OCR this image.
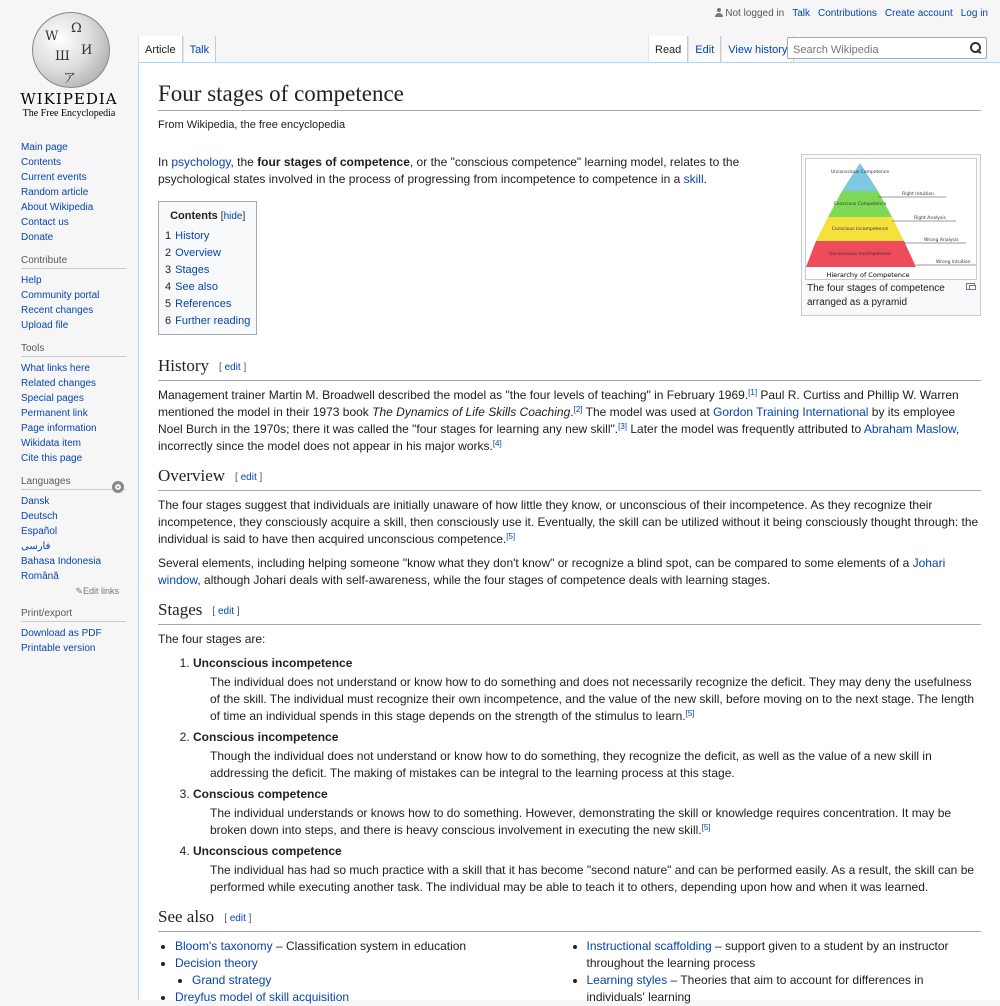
W
Ω
Ш И
ア
WIKIPEDIA
The Free Encyclopedia
Not logged in Talk Contributions Create account Log in
Article	Talk	Read	Edit	View history
Search Wikipedia
Main page
Contents
Current events
Random article
About Wikipedia
Contact us
Donate
Contribute
Help
Community portal
Recent changes
Upload file
Tools
What links here
Related changes
Special pages
Permanent link
Page information
Wikidata item
Cite this page
Languages
Dansk
Deutsch
Español
فارسی
Bahasa Indonesia
Română
✎Edit links
Print/export
Download as PDF
Printable version
Four stages of competence
From Wikipedia, the free encyclopedia
Unconscious Competence
Conscious Competence
Conscious Incompetence
Unconscious Incompetence
Right Intuition
Right Analysis
Wrong Analysis
Wrong Intuition
Hierarchy of Competence
The four stages of competence arranged as a pyramid

In psychology, the four stages of competence, or the "conscious competence" learning model, relates to the psychological states involved in the process of progressing from incompetence to competence in a skill.

Contents [hide]
1 History
2 Overview
3 Stages
4 See also
5 References
6 Further reading
History [ edit ]

Management trainer Martin M. Broadwell described the model as "the four levels of teaching" in February 1969.[1] Paul R. Curtiss and Phillip W. Warren mentioned the model in their 1973 book The Dynamics of Life Skills Coaching.[2] The model was used at Gordon Training International by its employee Noel Burch in the 1970s; there it was called the "four stages for learning any new skill".[3] Later the model was frequently attributed to Abraham Maslow, incorrectly since the model does not appear in his major works.[4]

Overview [ edit ]

The four stages suggest that individuals are initially unaware of how little they know, or unconscious of their incompetence. As they recognize their incompetence, they consciously acquire a skill, then consciously use it. Eventually, the skill can be utilized without it being consciously thought through: the individual is said to have then acquired unconscious competence.[5]

Several elements, including helping someone "know what they don't know" or recognize a blind spot, can be compared to some elements of a Johari window, although Johari deals with self-awareness, while the four stages of competence deals with learning stages.

Stages [ edit ]

The four stages are:

1. Unconscious incompetence
The individual does not understand or know how to do something and does not necessarily recognize the deficit. They may deny the usefulness of the skill. The individual must recognize their own incompetence, and the value of the new skill, before moving on to the next stage. The length of time an individual spends in this stage depends on the strength of the stimulus to learn.[5]
2. Conscious incompetence
Though the individual does not understand or know how to do something, they recognize the deficit, as well as the value of a new skill in addressing the deficit. The making of mistakes can be integral to the learning process at this stage.
3. Conscious competence
The individual understands or knows how to do something. However, demonstrating the skill or knowledge requires concentration. It may be broken down into steps, and there is heavy conscious involvement in executing the new skill.[5]
4. Unconscious competence
The individual has had so much practice with a skill that it has become "second nature" and can be performed easily. As a result, the skill can be performed while executing another task. The individual may be able to teach it to others, depending upon how and when it was learned.
See also [ edit ]
• Bloom's taxonomy – Classification system in education
• Decision theory
• Grand strategy
• Dreyfus model of skill acquisition
• Instructional scaffolding – support given to a student by an instructor throughout the learning process
• Learning styles – Theories that aim to account for differences in individuals' learning
